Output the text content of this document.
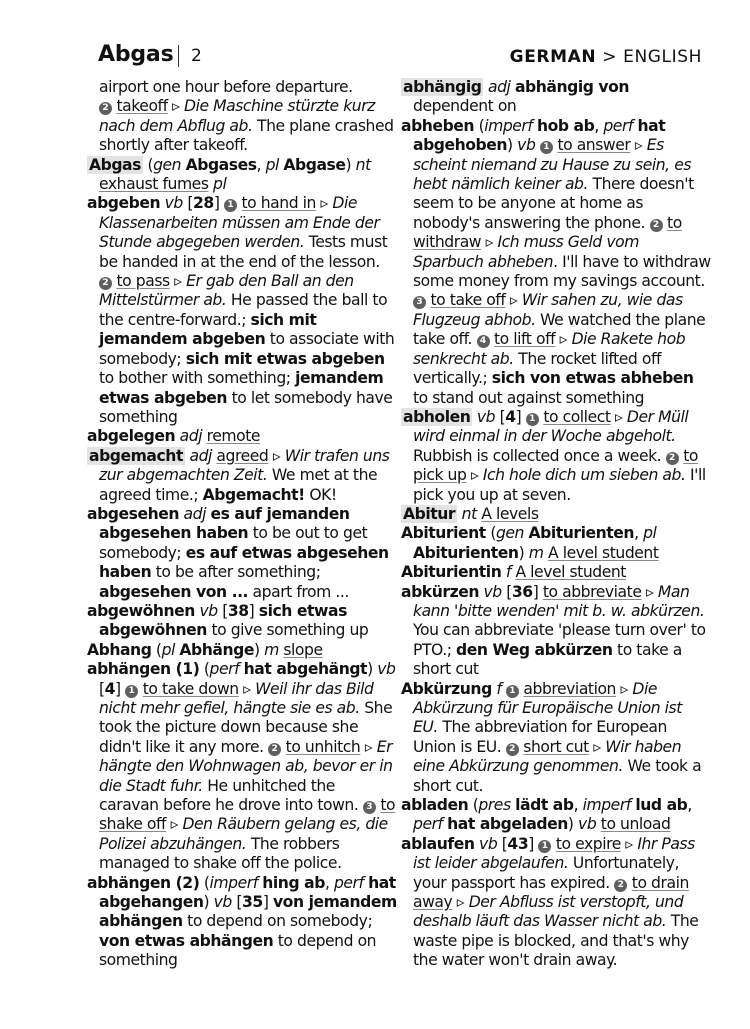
Abgas 2	GERMAN > ENGLISH
airport one hour before departure.
2 takeoff ▹ Die Maschine stürzte kurz nach dem Abflug ab. The plane crashed shortly after takeoff.
Abgas (gen Abgases, pl Abgase) nt exhaust fumes pl
abgeben vb [28] 1 to hand in ▹ Die Klassenarbeiten müssen am Ende der Stunde abgegeben werden. Tests must be handed in at the end of the lesson. 2 to pass ▹ Er gab den Ball an den Mittelstürmer ab. He passed the ball to the centre-forward.; sich mit jemandem abgeben to associate with somebody; sich mit etwas abgeben to bother with something; jemandem etwas abgeben to let somebody have something
abgelegen adj remote
abgemacht adj agreed ▹ Wir trafen uns zur abgemachten Zeit. We met at the agreed time.; Abgemacht! OK!
abgesehen adj es auf jemanden abgesehen haben to be out to get somebody; es auf etwas abgesehen haben to be after something; abgesehen von ... apart from ...
abgewöhnen vb [38] sich etwas abgewöhnen to give something up
Abhang (pl Abhänge) m slope
abhängen (1) (perf hat abgehängt) vb [4] 1 to take down ▹ Weil ihr das Bild nicht mehr gefiel, hängte sie es ab. She took the picture down because she didn't like it any more. 2 to unhitch ▹ Er hängte den Wohnwagen ab, bevor er in die Stadt fuhr. He unhitched the caravan before he drove into town. 3 to shake off ▹ Den Räubern gelang es, die Polizei abzuhängen. The robbers managed to shake off the police.
abhängen (2) (imperf hing ab, perf hat abgehangen) vb [35] von jemandem abhängen to depend on somebody; von etwas abhängen to depend on something
abhängig adj abhängig von dependent on
abheben (imperf hob ab, perf hat abgehoben) vb 1 to answer ▹ Es scheint niemand zu Hause zu sein, es hebt nämlich keiner ab. There doesn't seem to be anyone at home as nobody's answering the phone. 2 to withdraw ▹ Ich muss Geld vom Sparbuch abheben. I'll have to withdraw some money from my savings account. 3 to take off ▹ Wir sahen zu, wie das Flugzeug abhob. We watched the plane take off. 4 to lift off ▹ Die Rakete hob senkrecht ab. The rocket lifted off vertically.; sich von etwas abheben to stand out against something
abholen vb [4] 1 to collect ▹ Der Müll wird einmal in der Woche abgeholt. Rubbish is collected once a week. 2 to pick up ▹ Ich hole dich um sieben ab. I'll pick you up at seven.
Abitur nt A levels
Abiturient (gen Abiturienten, pl Abiturienten) m A level student
Abiturientin f A level student
abkürzen vb [36] to abbreviate ▹ Man kann 'bitte wenden' mit b. w. abkürzen. You can abbreviate 'please turn over' to PTO.; den Weg abkürzen to take a short cut
Abkürzung f 1 abbreviation ▹ Die Abkürzung für Europäische Union ist EU. The abbreviation for European Union is EU. 2 short cut ▹ Wir haben eine Abkürzung genommen. We took a short cut.
abladen (pres lädt ab, imperf lud ab, perf hat abgeladen) vb to unload
ablaufen vb [43] 1 to expire ▹ Ihr Pass ist leider abgelaufen. Unfortunately, your passport has expired. 2 to drain away ▹ Der Abfluss ist verstopft, und deshalb läuft das Wasser nicht ab. The waste pipe is blocked, and that's why the water won't drain away.
